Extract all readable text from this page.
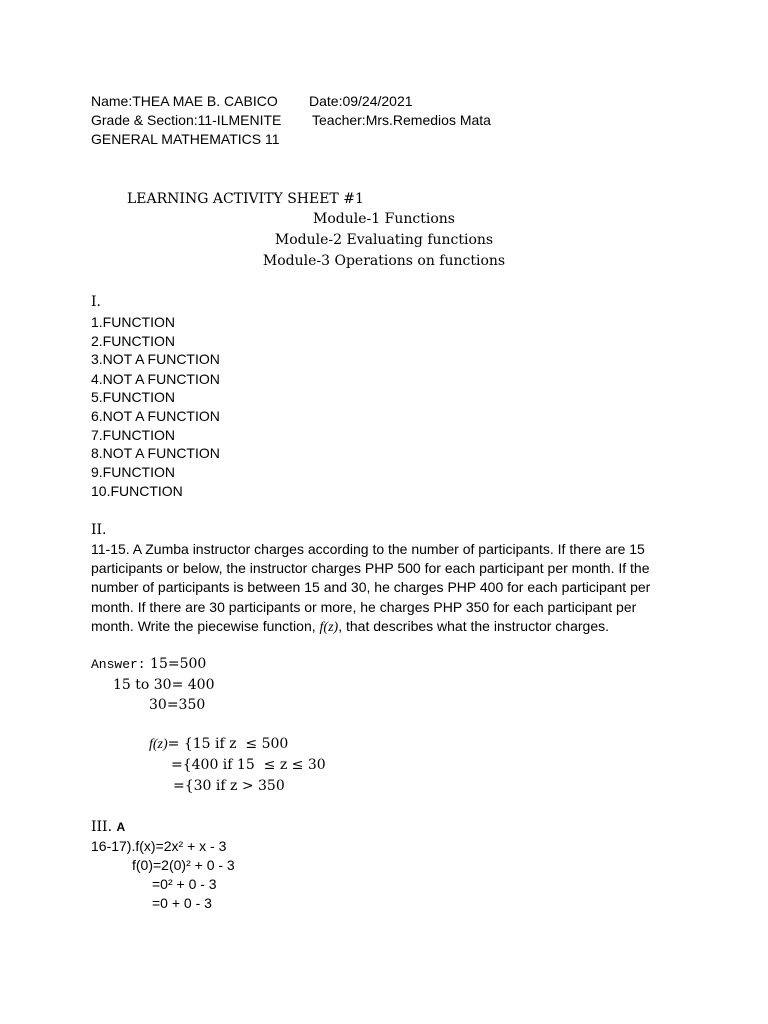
Name:THEA MAE B. CABICO Date:09/24/2021
Grade & Section:11-ILMENITE Teacher:Mrs.Remedios Mata
GENERAL MATHEMATICS 11
LEARNING ACTIVITY SHEET #1
Module-1 Functions
Module-2 Evaluating functions
Module-3 Operations on functions
I.
1.FUNCTION
2.FUNCTION
3.NOT A FUNCTION
4.NOT A FUNCTION
5.FUNCTION
6.NOT A FUNCTION
7.FUNCTION
8.NOT A FUNCTION
9.FUNCTION
10.FUNCTION
II.
11-15. A Zumba instructor charges according to the number of participants. If there are 15 participants or below, the instructor charges PHP 500 for each participant per month. If the number of participants is between 15 and 30, he charges PHP 400 for each participant per month. If there are 30 participants or more, he charges PHP 350 for each participant per month. Write the piecewise function, f(z), that describes what the instructor charges.
Answer: 15=500
15 to 30= 400
30=350
f(z)= {15 if z  ≤ 500
={400 if 15  ≤ z ≤ 30
={30 if z > 350
III. A
16-17).f(x)=2x² + x - 3
f(0)=2(0)² + 0 - 3
=0² + 0 - 3
=0 + 0 - 3
